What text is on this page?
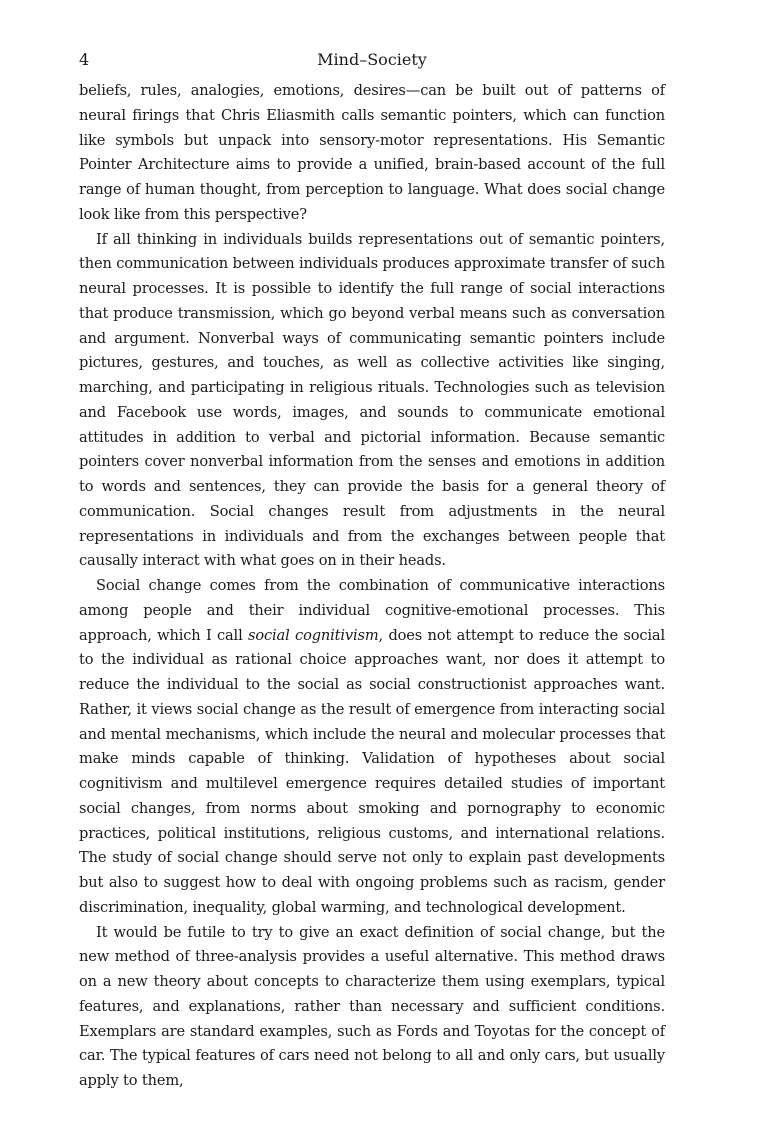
4	Mind–Society

beliefs, rules, analogies, emotions, desires—can be built out of patterns of neural firings that Chris Eliasmith calls semantic pointers, which can function like symbols but unpack into sensory-motor representations. His Semantic Pointer Architecture aims to provide a unified, brain-based account of the full range of human thought, from perception to language. What does social change look like from this perspective?

If all thinking in individuals builds representations out of semantic pointers, then communication between individuals produces approximate transfer of such neural processes. It is possible to identify the full range of social interactions that produce transmission, which go beyond verbal means such as conversation and argument. Nonverbal ways of communicating semantic pointers include pictures, gestures, and touches, as well as collective activities like singing, marching, and participating in religious rituals. Technologies such as television and Facebook use words, images, and sounds to communicate emotional attitudes in addition to verbal and pictorial information. Because semantic pointers cover nonverbal information from the senses and emotions in addition to words and sentences, they can provide the basis for a general theory of communication. Social changes result from adjustments in the neural representations in individuals and from the exchanges between people that causally interact with what goes on in their heads.

Social change comes from the combination of communicative interactions among people and their individual cognitive-emotional processes. This approach, which I call social cognitivism, does not attempt to reduce the social to the individual as rational choice approaches want, nor does it attempt to reduce the individual to the social as social constructionist approaches want. Rather, it views social change as the result of emergence from interacting social and mental mechanisms, which include the neural and molecular processes that make minds capable of thinking. Validation of hypotheses about social cognitivism and multilevel emergence requires detailed studies of important social changes, from norms about smoking and pornography to economic practices, political institutions, religious customs, and international relations. The study of social change should serve not only to explain past developments but also to suggest how to deal with ongoing problems such as racism, gender discrimination, inequality, global warming, and technological development.

It would be futile to try to give an exact definition of social change, but the new method of three-analysis provides a useful alternative. This method draws on a new theory about concepts to characterize them using exemplars, typical features, and explanations, rather than necessary and sufficient conditions. Exemplars are standard examples, such as Fords and Toyotas for the concept of car. The typical features of cars need not belong to all and only cars, but usually apply to them,
